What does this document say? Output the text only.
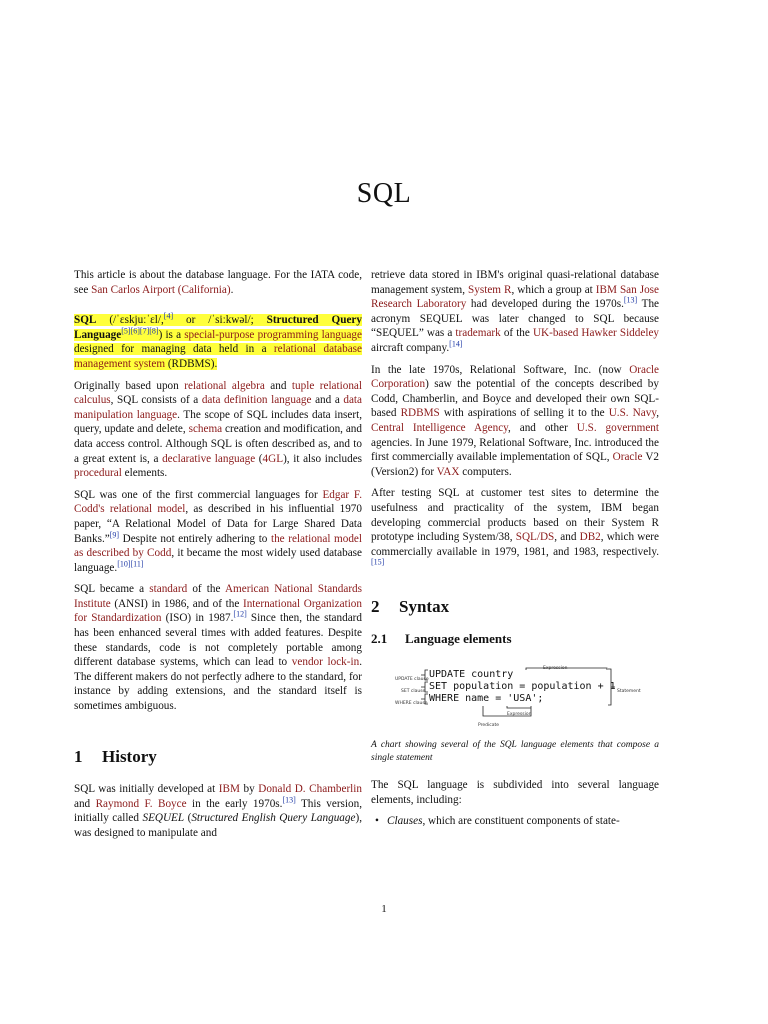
SQL

This article is about the database language. For the IATA code, see San Carlos Airport (California).

SQL (/ˈɛskjuːˈɛl/,[4] or /ˈsiːkwəl/; Structured Query Language[5][6][7][8]) is a special-purpose programming language designed for managing data held in a relational database management system (RDBMS).

Originally based upon relational algebra and tuple relational calculus, SQL consists of a data definition language and a data manipulation language. The scope of SQL includes data insert, query, update and delete, schema creation and modification, and data access control. Although SQL is often described as, and to a great extent is, a declarative language (4GL), it also includes procedural elements.

SQL was one of the first commercial languages for Edgar F. Codd's relational model, as described in his influential 1970 paper, “A Relational Model of Data for Large Shared Data Banks.”[9] Despite not entirely adhering to the relational model as described by Codd, it became the most widely used database language.[10][11]

SQL became a standard of the American National Standards Institute (ANSI) in 1986, and of the International Organization for Standardization (ISO) in 1987.[12] Since then, the standard has been enhanced several times with added features. Despite these standards, code is not completely portable among different database systems, which can lead to vendor lock-in. The different makers do not perfectly adhere to the standard, for instance by adding extensions, and the standard itself is sometimes ambiguous.

1 History

SQL was initially developed at IBM by Donald D. Chamberlin and Raymond F. Boyce in the early 1970s.[13] This version, initially called SEQUEL (Structured English Query Language), was designed to manipulate and

retrieve data stored in IBM's original quasi-relational database management system, System R, which a group at IBM San Jose Research Laboratory had developed during the 1970s.[13] The acronym SEQUEL was later changed to SQL because “SEQUEL” was a trademark of the UK-based Hawker Siddeley aircraft company.[14]

In the late 1970s, Relational Software, Inc. (now Oracle Corporation) saw the potential of the concepts described by Codd, Chamberlin, and Boyce and developed their own SQL-based RDBMS with aspirations of selling it to the U.S. Navy, Central Intelligence Agency, and other U.S. government agencies. In June 1979, Relational Software, Inc. introduced the first commercially available implementation of SQL, Oracle V2 (Version2) for VAX computers.

After testing SQL at customer test sites to determine the usefulness and practicality of the system, IBM began developing commercial products based on their System R prototype including System/38, SQL/DS, and DB2, which were commercially available in 1979, 1981, and 1983, respectively.[15]

2 Syntax
2.1 Language elements
UPDATE clause
SET clause
WHERE clause
Expression
Statement
Predicate
Expression
UPDATE country
SET population = population + 1
WHERE name = 'USA';
A chart showing several of the SQL language elements that compose a single statement

The SQL language is subdivided into several language elements, including:

• Clauses, which are constituent components of state-
1
